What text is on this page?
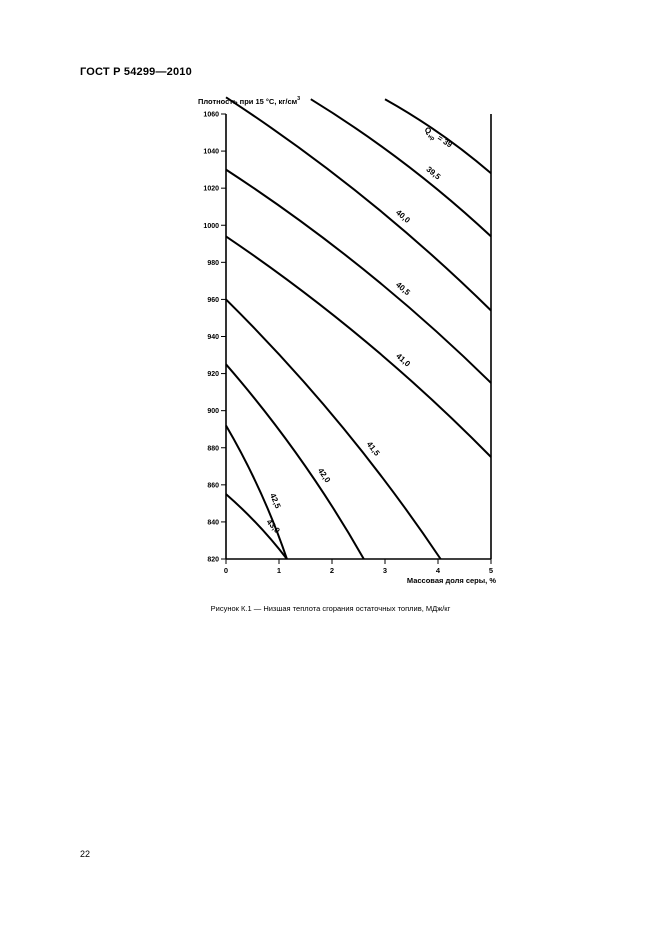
ГОСТ Р 54299—2010
39,5
40,0
40,5
41,0
41,5
42,0
42,5
43,0
0	1	2	3	4	5
820
840
860
880
900
920
940
960
980
1000
1020
1040
1060
Плотность при 15 °С, $кг/см^3$
Массовая доля серы, %
$Q_{нр} = 39$
Рисунок К.1 — Низшая теплота сгорания остаточных топлив, МДж/кг
22
